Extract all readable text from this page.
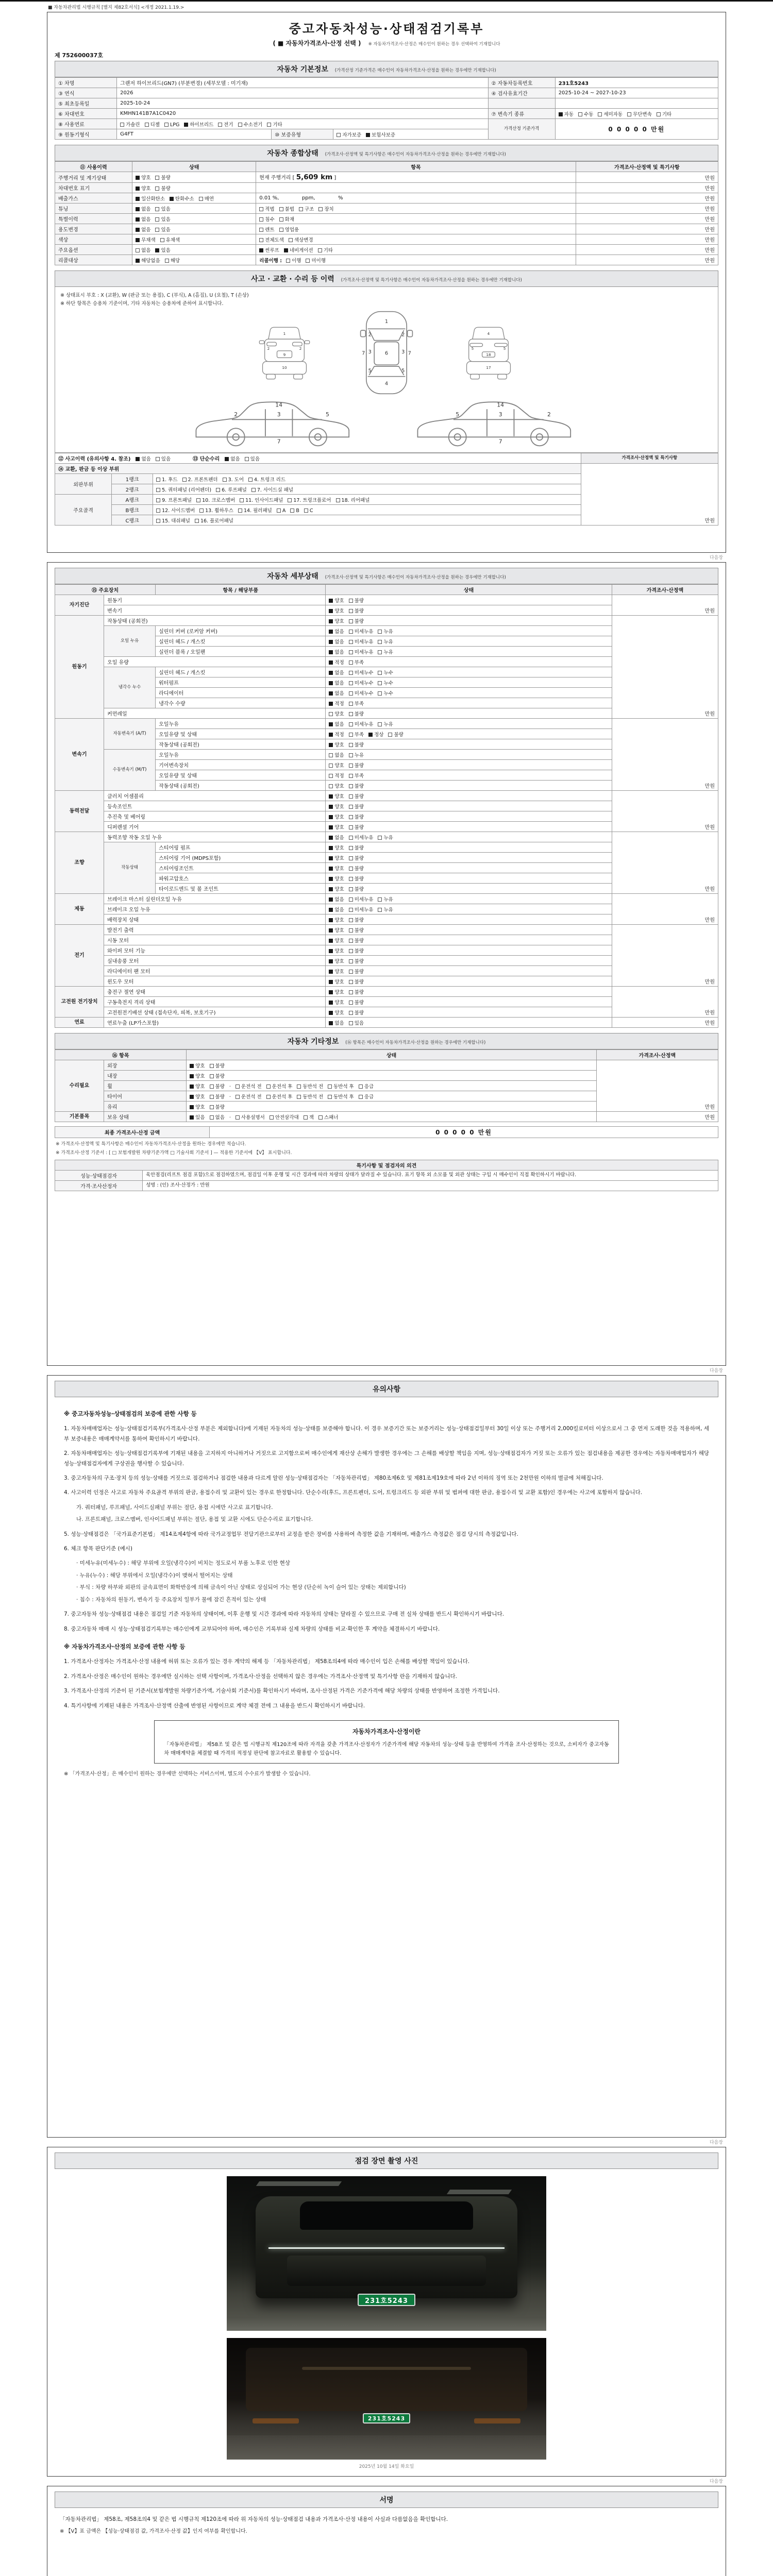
■ 자동차관리법 시행규칙 [별지 제82호서식] <개정 2021.1.19.>
중고자동차성능·상태점검기록부
( ■ 자동차가격조사·산정 선택 ) ※ 자동차가격조사·산정은 매수인이 원하는 경우 선택하여 기재합니다
제 752600037호
자동차 기본정보 (가격산정 기준가격은 매수인이 자동차가격조사·산정을 원하는 경우에만 기재합니다)
① 차명	그랜저 하이브리드(GN7) (부분변경) (세부모델 : 미기재)			② 자동차등록번호	231호5243
③ 연식	2026			④ 검사유효기간	2025-10-24 ~ 2027-10-23
⑤ 최초등록일	2025-10-24				
⑥ 차대번호	KMHN141B7A1C0420			⑦ 변속기 종류	자동 수동 세미자동 무단변속 기타
⑧ 사용연료	가솔린 디젤 LPG 하이브리드 전기 수소전기 기타			가격산정 기준가격	0 0 0 0 0 만원
⑨ 원동기형식	G4FT	⑩ 보증유형	자가보증 보험사보증		
자동차 종합상태 (가격조사·산정액 및 특기사항은 매수인이 자동차가격조사·산정을 원하는 경우에만 기재합니다)
⑪ 사용이력	상태	항목	가격조사·산정액 및 특기사항
주행거리 및 계기상태	양호 불량	현재 주행거리 [ 5,609 km ]	만원
차대번호 표기	양호 불량		만원
배출가스	일산화탄소 탄화수소 매연	0.01 %,              ppm,              %	만원
튜닝	없음 있음	적법 불법 구조 장치	만원
특별이력	없음 있음	침수 화재	만원
용도변경	없음 있음	렌트 영업용	만원
색상	무채색 유채색	전체도색 색상변경	만원
주요옵션	없음 있음	썬루프 네비게이션 기타	만원
리콜대상	해당없음 해당	리콜이행 : 이행 미이행	만원
사고 · 교환 · 수리 등 이력 (가격조사·산정액 및 특기사항은 매수인이 자동차가격조사·산정을 원하는 경우에만 기재합니다)
※ 상태표시 부호 : X (교환), W (판금 또는 용접), C (부식), A (흠집), U (요철), T (손상)
※ 하단 항목은 승용차 기준이며, 기타 자동차는 승용차에 준하여 표시합니다.
1
2	2
9
10
1
2	2
3	3
7	7
6
5	5
4
4
5	5
18
17
2	3	5
14
7
5	3	2
14
7
⑫ 사고이력 (유의사항 4. 참조) 없음 있음 ⑬ 단순수리 없음 있음			가격조사·산정액 및 특기사항
⑭ 교환, 판금 등 이상 부위			만원
외판부위	1랭크	1. 후드 2. 프론트펜더 3. 도어 4. 트렁크 리드	
	2랭크	5. 쿼터패널 (리어펜더) 6. 루프패널 7. 사이드실 패널	
주요골격	A랭크	9. 프론트패널 10. 크로스멤버 11. 인사이드패널 17. 트렁크플로어 18. 리어패널	
	B랭크	12. 사이드멤버 13. 휠하우스 14. 필러패널 A B C	
	C랭크	15. 대쉬패널 16. 플로어패널	
다음장
자동차 세부상태 (가격조사·산정액 및 특기사항은 매수인이 자동차가격조사·산정을 원하는 경우에만 기재합니다)
⑮ 주요장치		항목 / 해당부품	상태	가격조사·산정액
자기진단	원동기		양호 불량	만원
	변속기		양호 불량	
원동기	작동상태 (공회전)		양호 불량	만원
	오일 누유	실린더 커버 (로커암 커버)	없음 미세누유 누유	
		실린더 헤드 / 개스킷	없음 미세누유 누유	
		실린더 블록 / 오일팬	없음 미세누유 누유	
	오일 유량		적정 부족	
	냉각수 누수	실린더 헤드 / 개스킷	없음 미세누수 누수	
		워터펌프	없음 미세누수 누수	
		라디에이터	없음 미세누수 누수	
		냉각수 수량	적정 부족	
	커먼레일		양호 불량	
변속기	자동변속기 (A/T)	오일누유	없음 미세누유 누유	만원
		오일유량 및 상태	적정 부족 정상 불량	
		작동상태 (공회전)	양호 불량	
	수동변속기 (M/T)	오일누유	없음 누유	
		기어변속장치	양호 불량	
		오일유량 및 상태	적정 부족	
		작동상태 (공회전)	양호 불량	
동력전달	클러치 어셈블리		양호 불량	만원
	등속조인트		양호 불량	
	추진축 및 베어링		양호 불량	
	디퍼렌셜 기어		양호 불량	
조향	동력조향 작동 오일 누유		없음 미세누유 누유	만원
	작동상태	스티어링 펌프	양호 불량	
		스티어링 기어 (MDPS포함)	양호 불량	
		스티어링조인트	양호 불량	
		파워고압호스	양호 불량	
		타이로드엔드 및 볼 조인트	양호 불량	
제동	브레이크 마스터 실린더오일 누유		없음 미세누유 누유	만원
	브레이크 오일 누유		없음 미세누유 누유	
	배력장치 상태		양호 불량	
전기	발전기 출력		양호 불량	만원
	시동 모터		양호 불량	
	와이퍼 모터 기능		양호 불량	
	실내송풍 모터		양호 불량	
	라디에이터 팬 모터		양호 불량	
	윈도우 모터		양호 불량	
고전원 전기장치	충전구 절연 상태		양호 불량	만원
	구동축전지 격리 상태		양호 불량	
	고전원전기배선 상태 (접속단자, 피복, 보호기구)		양호 불량	
연료	연료누출 (LP가스포함)		없음 있음	만원
자동차 기타정보 (⑯ 항목은 매수인이 자동차가격조사·산정을 원하는 경우에만 기재합니다)
⑯ 항목		상태	가격조사·산정액
수리필요	외장	양호 불량	만원
	내장	양호 불량	
	휠	양호 불량 · 운전석 전 운전석 후 동반석 전 동반석 후 응급	
	타이어	양호 불량 · 운전석 전 운전석 후 동반석 전 동반석 후 응급	
	유리	양호 불량	
기본품목	보유 상태	있음 없음 · 사용설명서 안전삼각대 잭 스패너	만원
최종 가격조사·산정 금액	0 0 0 0 0 만원
※ 가격조사·산정액 및 특기사항은 매수인이 자동차가격조사·산정을 원하는 경우에만 적습니다.
※ 가격조사·산정 기준서 : [ □ 보험개발원 차량기준가액 □ 기술사회 기준서 ] — 적용한 기준서에 【V】 표시합니다.
특기사항 및 점검자의 의견	
성능·상태점검자	육안점검(리프트 점검 포함)으로 점검하였으며, 점검일 이후 운행 및 시간 경과에 따라 차량의 상태가 달라질 수 있습니다. 표기 항목 외 소모품 및 외관 상태는 구입 시 매수인이 직접 확인하시기 바랍니다.
가격·조사산정자	성명 : (인) 조사·산정가 : 만원
다음장
유의사항
※ 중고자동차성능·상태점검의 보증에 관한 사항 등
1. 자동차매매업자는 성능·상태점검기록부(가격조사·산정 부분은 제외합니다)에 기재된 자동차의 성능·상태를 보증해야 합니다. 이 경우 보증기간 또는 보증거리는 성능·상태점검일부터 30일 이상 또는 주행거리 2,000킬로미터 이상으로서 그 중 먼저 도래한 것을 적용하며, 세부 보증내용은 매매계약서를 통하여 확인하시기 바랍니다.
2. 자동차매매업자는 성능·상태점검기록부에 기재된 내용을 고지하지 아니하거나 거짓으로 고지함으로써 매수인에게 재산상 손해가 발생한 경우에는 그 손해를 배상할 책임을 지며, 성능·상태점검자가 거짓 또는 오류가 있는 점검내용을 제공한 경우에는 자동차매매업자가 해당 성능·상태점검자에게 구상권을 행사할 수 있습니다.
3. 중고자동차의 구조·장치 등의 성능·상태를 거짓으로 점검하거나 점검한 내용과 다르게 알린 성능·상태점검자는 「자동차관리법」 제80조제6호 및 제81조제19호에 따라 2년 이하의 징역 또는 2천만원 이하의 벌금에 처해집니다.
4. 사고이력 인정은 사고로 자동차 주요골격 부위의 판금, 용접수리 및 교환이 있는 경우로 한정합니다. 단순수리(후드, 프론트펜더, 도어, 트렁크리드 등 외판 부위 및 범퍼에 대한 판금, 용접수리 및 교환 포함)인 경우에는 사고에 포함하지 않습니다.
가. 쿼터패널, 루프패널, 사이드실패널 부위는 절단, 용접 시에만 사고로 표기합니다.
나. 프론트패널, 크로스멤버, 인사이드패널 부위는 절단, 용접 및 교환 시에도 단순수리로 표기합니다.
5. 성능·상태점검은 「국가표준기본법」 제14조제4항에 따라 국가교정업무 전담기관으로부터 교정을 받은 장비를 사용하여 측정한 값을 기재하며, 배출가스 측정값은 점검 당시의 측정값입니다.
6. 체크 항목 판단기준 (예시)
· 미세누유(미세누수) : 해당 부위에 오일(냉각수)이 비치는 정도로서 부품 노후로 인한 현상
· 누유(누수) : 해당 부위에서 오일(냉각수)이 맺혀서 떨어지는 상태
· 부식 : 차량 하부와 외판의 금속표면이 화학반응에 의해 금속이 아닌 상태로 상실되어 가는 현상 (단순히 녹이 슬어 있는 상태는 제외합니다)
· 침수 : 자동차의 원동기, 변속기 등 주요장치 일부가 물에 잠긴 흔적이 있는 상태
7. 중고자동차 성능·상태점검 내용은 점검일 기준 자동차의 상태이며, 이후 운행 및 시간 경과에 따라 자동차의 상태는 달라질 수 있으므로 구매 전 실차 상태를 반드시 확인하시기 바랍니다.
8. 중고자동차 매매 시 성능·상태점검기록부는 매수인에게 교부되어야 하며, 매수인은 기록부와 실제 차량의 상태를 비교·확인한 후 계약을 체결하시기 바랍니다.
※ 자동차가격조사·산정의 보증에 관한 사항 등
1. 가격조사·산정자는 가격조사·산정 내용에 허위 또는 오류가 있는 경우 계약의 해제 등 「자동차관리법」 제58조의4에 따라 매수인이 입은 손해를 배상할 책임이 있습니다.
2. 가격조사·산정은 매수인이 원하는 경우에만 실시하는 선택 사항이며, 가격조사·산정을 선택하지 않은 경우에는 가격조사·산정액 및 특기사항 란을 기재하지 않습니다.
3. 가격조사·산정의 기준이 된 기준서(보험개발원 차량기준가액, 기술사회 기준서)를 확인하시기 바라며, 조사·산정된 가격은 기준가격에 해당 차량의 상태를 반영하여 조정한 가격입니다.
4. 특기사항에 기재된 내용은 가격조사·산정액 산출에 반영된 사항이므로 계약 체결 전에 그 내용을 반드시 확인하시기 바랍니다.
자동차가격조사·산정이란
「자동차관리법」 제58조 및 같은 법 시행규칙 제120조에 따라 자격을 갖춘 가격조사·산정자가 기준가격에 해당 자동차의 성능·상태 등을 반영하여 가격을 조사·산정하는 것으로, 소비자가 중고자동차 매매계약을 체결할 때 가격의 적정성 판단에 참고자료로 활용할 수 있습니다.
※ 「가격조사·산정」은 매수인이 원하는 경우에만 선택하는 서비스이며, 별도의 수수료가 발생할 수 있습니다.
다음장
점검 장면 촬영 사진
231호5243
231호5243
2025년 10월 14일 화요일
다음장
서명
「자동차관리법」 제58조, 제58조의4 및 같은 법 시행규칙 제120조에 따라 위 자동차의 성능·상태점검 내용과 가격조사·산정 내용이 사실과 다름없음을 확인합니다.
※ 【V】표 금액은 【성능·상태점검 값, 가격조사·산정 값】인지 여부를 확인합니다.
